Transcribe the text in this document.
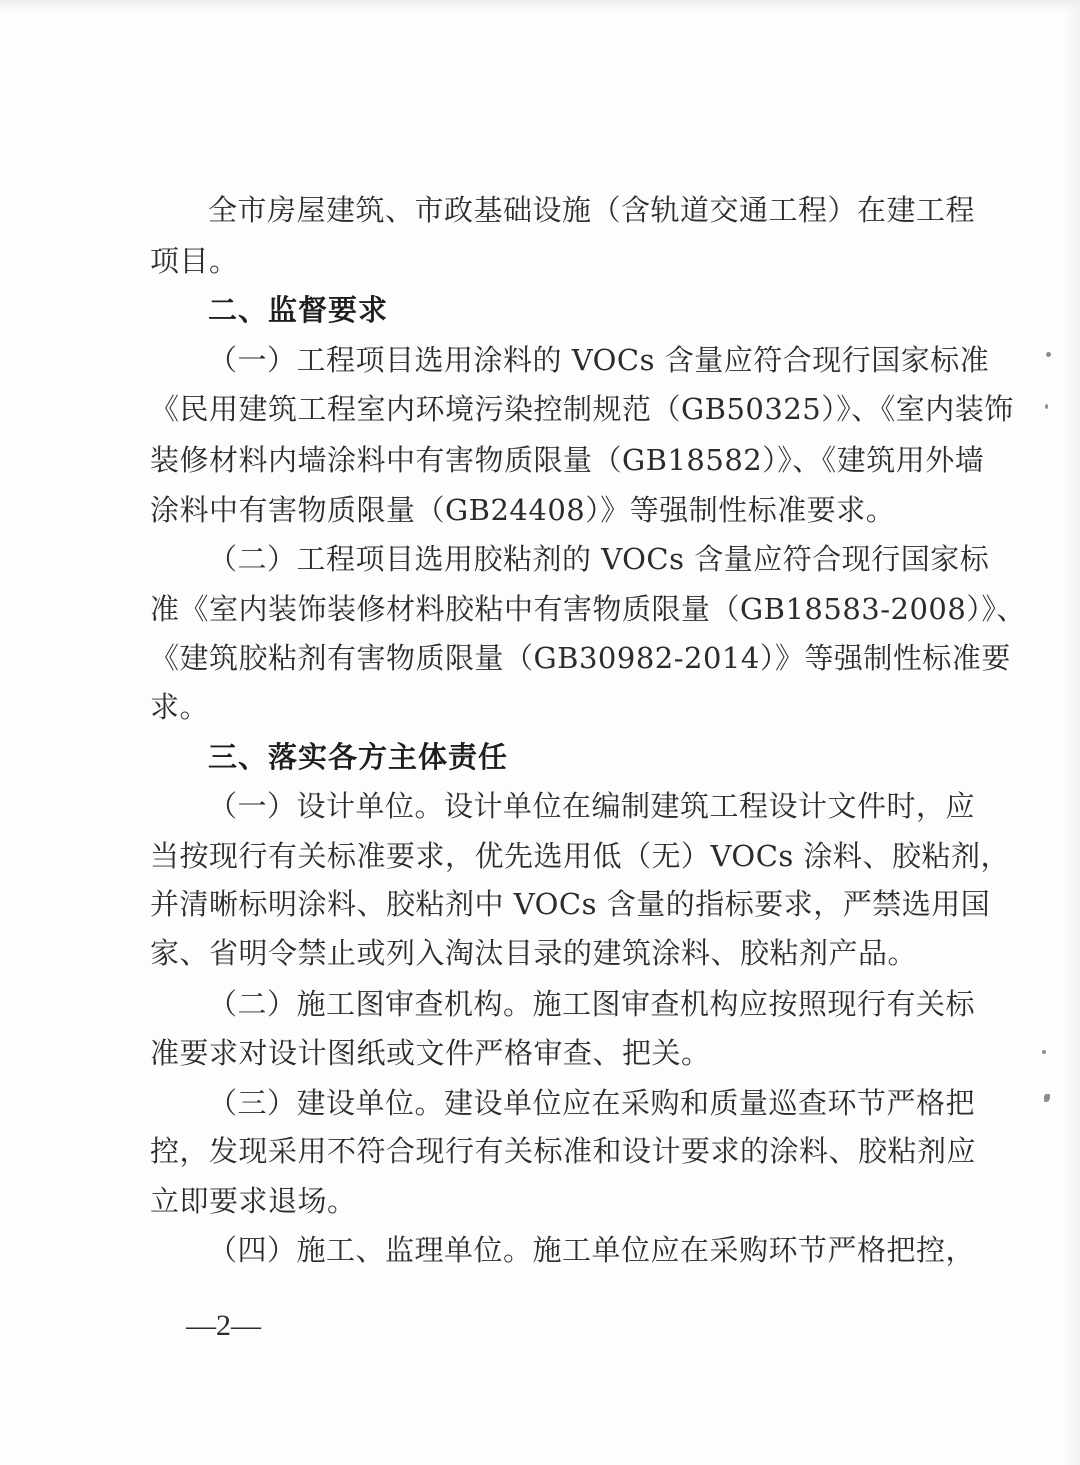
全市房屋建筑、市政基础设施（含轨道交通工程）在建工程

项目。

二、监督要求

（一）工程项目选用涂料的 VOCs 含量应符合现行国家标准

《民用建筑工程室内环境污染控制规范（GB50325）》、《室内装饰

装修材料内墙涂料中有害物质限量（GB18582）》、《建筑用外墙

涂料中有害物质限量（GB24408）》等强制性标准要求。

（二）工程项目选用胶粘剂的 VOCs 含量应符合现行国家标

准《室内装饰装修材料胶粘中有害物质限量（GB18583-2008）》、

《建筑胶粘剂有害物质限量（GB30982-2014）》等强制性标准要

求。

三、落实各方主体责任

（一）设计单位。设计单位在编制建筑工程设计文件时，应

当按现行有关标准要求，优先选用低（无）VOCs 涂料、胶粘剂，

并清晰标明涂料、胶粘剂中 VOCs 含量的指标要求，严禁选用国

家、省明令禁止或列入淘汰目录的建筑涂料、胶粘剂产品。

（二）施工图审查机构。施工图审查机构应按照现行有关标

准要求对设计图纸或文件严格审查、把关。

（三）建设单位。建设单位应在采购和质量巡查环节严格把

控，发现采用不符合现行有关标准和设计要求的涂料、胶粘剂应

立即要求退场。

（四）施工、监理单位。施工单位应在采购环节严格把控，

—2—
